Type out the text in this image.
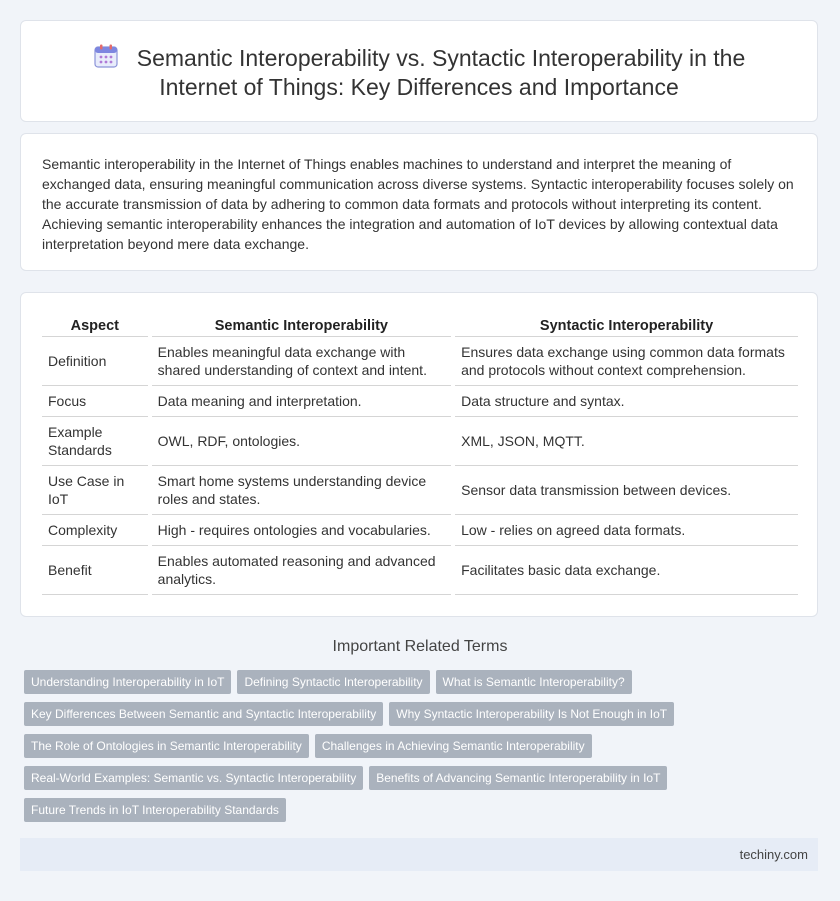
Semantic Interoperability vs. Syntactic Interoperability in the Internet of Things: Key Differences and Importance

Semantic interoperability in the Internet of Things enables machines to understand and interpret the meaning of exchanged data, ensuring meaningful communication across diverse systems. Syntactic interoperability focuses solely on the accurate transmission of data by adhering to common data formats and protocols without interpreting its content. Achieving semantic interoperability enhances the integration and automation of IoT devices by allowing contextual data interpretation beyond mere data exchange.

Aspect	Semantic Interoperability	Syntactic Interoperability
Definition	Enables meaningful data exchange with shared understanding of context and intent.	Ensures data exchange using common data formats and protocols without context comprehension.
Focus	Data meaning and interpretation.	Data structure and syntax.
Example Standards	OWL, RDF, ontologies.	XML, JSON, MQTT.
Use Case in IoT	Smart home systems understanding device roles and states.	Sensor data transmission between devices.
Complexity	High - requires ontologies and vocabularies.	Low - relies on agreed data formats.
Benefit	Enables automated reasoning and advanced analytics.	Facilitates basic data exchange.
Important Related Terms
Understanding Interoperability in IoT Defining Syntactic Interoperability What is Semantic Interoperability?
Key Differences Between Semantic and Syntactic Interoperability Why Syntactic Interoperability Is Not Enough in IoT
The Role of Ontologies in Semantic Interoperability Challenges in Achieving Semantic Interoperability
Real-World Examples: Semantic vs. Syntactic Interoperability Benefits of Advancing Semantic Interoperability in IoT
Future Trends in IoT Interoperability Standards
techiny.com
